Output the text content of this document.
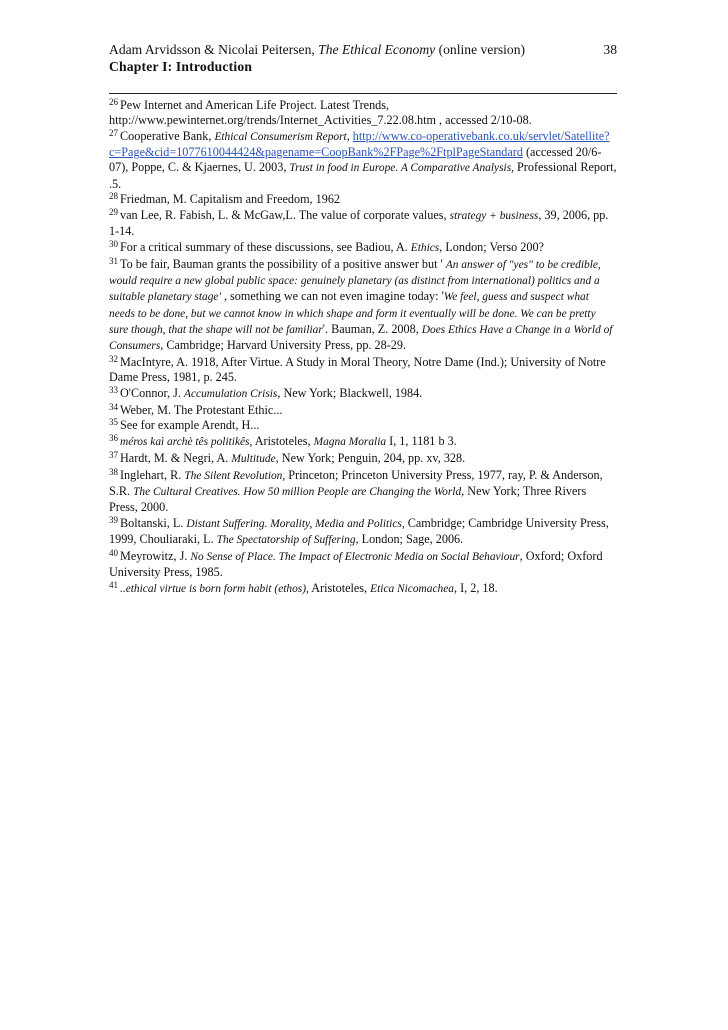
Adam Arvidsson & Nicolai Peitersen, The Ethical Economy (online version)	38
Chapter I: Introduction
$^{26}$ Pew Internet and American Life Project. Latest Trends, http://www.pewinternet.org/trends/Internet_Activities_7.22.08.htm , accessed 2/10-08.
$^{27}$ Cooperative Bank, Ethical Consumerism Report, http://www.co-operativebank.co.uk/servlet/Satellite?c=Page&cid=1077610044424&pagename=CoopBank%2FPage%2FtplPageStandard (accessed 20/6-07), Poppe, C. & Kjaernes, U. 2003, Trust in food in Europe. A Comparative Analysis, Professional Report, .5.
$^{28}$ Friedman, M. Capitalism and Freedom, 1962
$^{29}$ van Lee, R. Fabish, L. & McGaw,L. The value of corporate values, strategy + business, 39, 2006, pp. 1-14.
$^{30}$ For a critical summary of these discussions, see Badiou, A. Ethics, London; Verso 200?
$^{31}$ To be fair, Bauman grants the possibility of a positive answer but ' An answer of "yes" to be credible, would require a new global public space: genuinely planetary (as distinct from international) politics and a suitable planetary stage' , something we can not even imagine today: 'We feel, guess and suspect what needs to be done, but we cannot know in which shape and form it eventually will be done. We can be pretty sure though, that the shape will not be familiar'. Bauman, Z. 2008, Does Ethics Have a Change in a World of Consumers, Cambridge; Harvard University Press, pp. 28-29.
$^{32}$ MacIntyre, A. 1918, After Virtue. A Study in Moral Theory, Notre Dame (Ind.); University of Notre Dame Press, 1981, p. 245.
$^{33}$ O'Connor, J. Accumulation Crisis, New York; Blackwell, 1984.
$^{34}$ Weber, M. The Protestant Ethic...
$^{35}$ See for example Arendt, H...
$^{36}$ méros kaì archè tês politikês, Aristoteles, Magna Moralia I, 1, 1181 b 3.
$^{37}$ Hardt, M. & Negri, A. Multitude, New York; Penguin, 204, pp. xv, 328.
$^{38}$ Inglehart, R. The Silent Revolution, Princeton; Princeton University Press, 1977, ray, P. & Anderson, S.R. The Cultural Creatives. How 50 million People are Changing the World, New York; Three Rivers Press, 2000.
$^{39}$ Boltanski, L. Distant Suffering. Morality, Media and Politics, Cambridge; Cambridge University Press, 1999, Chouliaraki, L. The Spectatorship of Suffering, London; Sage, 2006.
$^{40}$ Meyrowitz, J. No Sense of Place. The Impact of Electronic Media on Social Behaviour, Oxford; Oxford University Press, 1985.
$^{41}$ ..ethical virtue is born form habit (ethos), Aristoteles, Etica Nicomachea, I, 2, 18.
